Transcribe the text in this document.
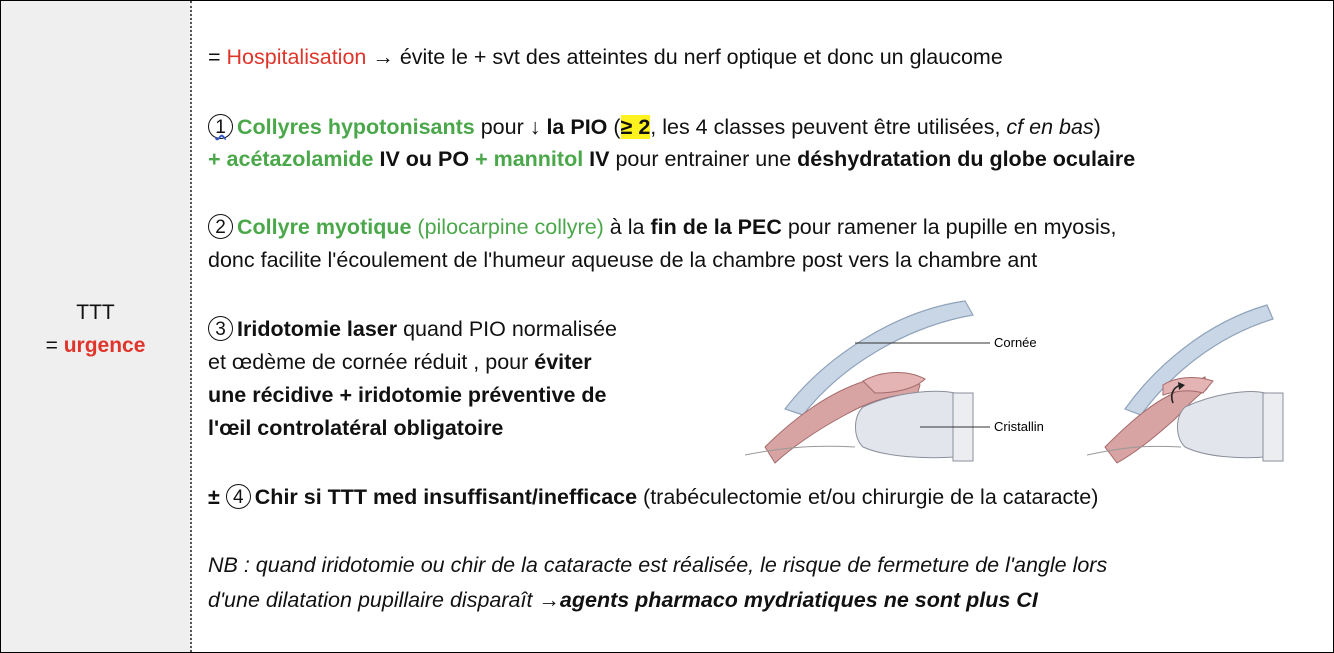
TTT
= urgence
= Hospitalisation → évite le + svt des atteintes du nerf optique et donc un glaucome
1 Collyres hypotonisants pour ↓ la PIO (≥ 2, les 4 classes peuvent être utilisées, cf en bas)
+ acétazolamide IV ou PO + mannitol IV pour entrainer une déshydratation du globe oculaire
2 Collyre myotique (pilocarpine collyre) à la fin de la PEC pour ramener la pupille en myosis,
donc facilite l'écoulement de l'humeur aqueuse de la chambre post vers la chambre ant
3 Iridotomie laser quand PIO normalisée
et œdème de cornée réduit , pour éviter
une récidive + iridotomie préventive de
l'œil controlatéral obligatoire
Cornée
Cristallin
± 4 Chir si TTT med insuffisant/inefficace (trabéculectomie et/ou chirurgie de la cataracte)
NB : quand iridotomie ou chir de la cataracte est réalisée, le risque de fermeture de l'angle lors
d'une dilatation pupillaire disparaît →agents pharmaco mydriatiques ne sont plus CI
